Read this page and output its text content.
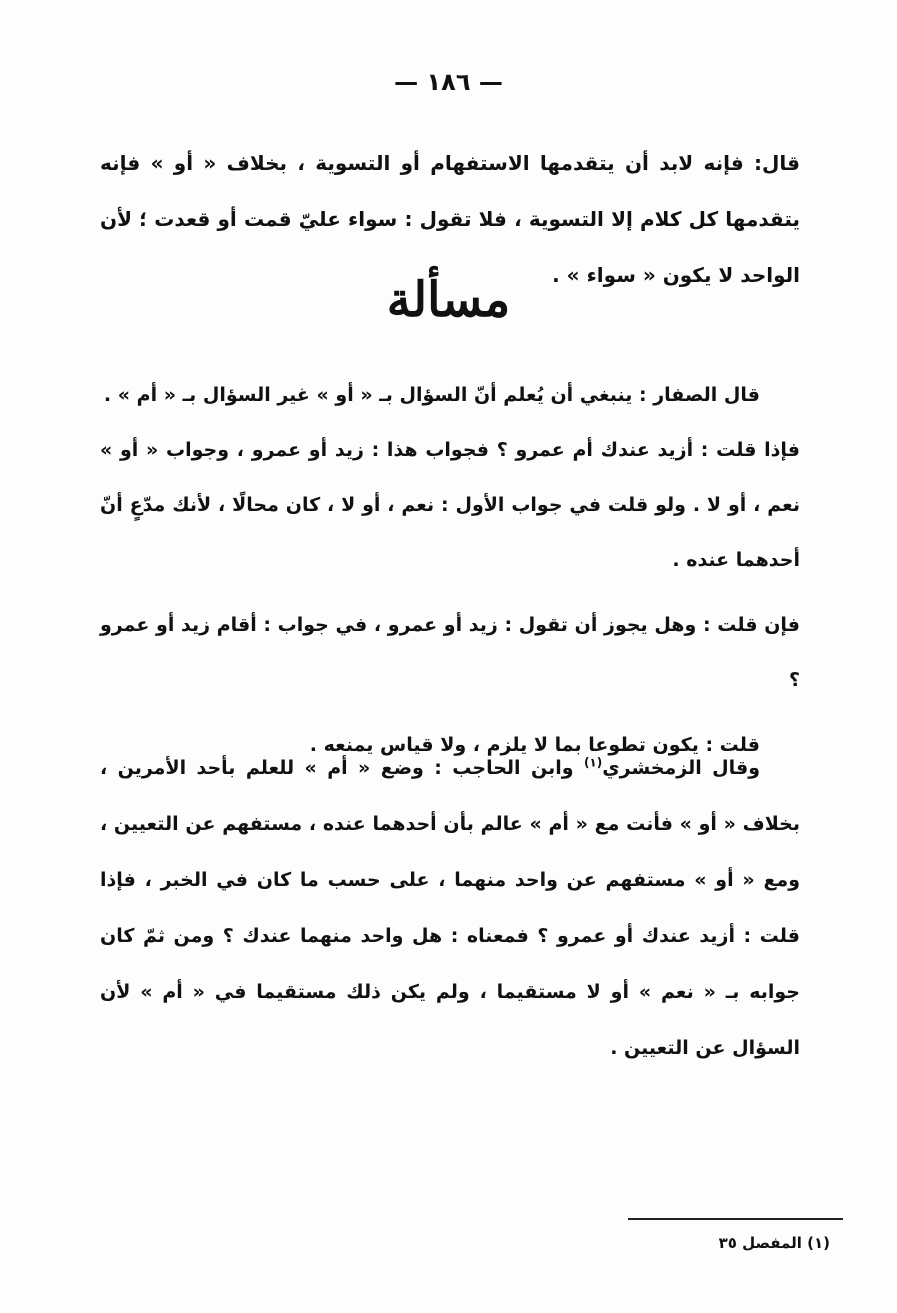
— ١٨٦ —
قال: فإنه لابد أن يتقدمها الاستفهام أو التسوية ، بخلاف « أو » فإنه يتقدمها كل كلام إلا التسوية ، فلا تقول : سواء عليّ قمت أو قعدت ؛ لأن الواحد لا يكون « سواء » .
مسألة

قال الصفار : ينبغي أن يُعلم أنّ السؤال بـ « أو » غير السؤال بـ « أم » .

فإذا قلت : أزيد عندك أم عمرو ؟ فجواب هذا : زيد أو عمرو ، وجواب « أو » نعم ، أو لا . ولو قلت في جواب الأول : نعم ، أو لا ، كان محالًا ، لأنك مدّعٍ أنّ أحدهما عنده .

فإن قلت : وهل يجوز أن تقول : زيد أو عمرو ، في جواب : أقام زيد أو عمرو ؟

قلت : يكون تطوعا بما لا يلزم ، ولا قياس يمنعه .

وقال الزمخشري$^{(١)}$ وابن الحاجب : وضع « أم » للعلم بأحد الأمرين ، بخلاف « أو » فأنت مع « أم » عالم بأن أحدهما عنده ، مستفهم عن التعيين ، ومع « أو » مستفهم عن واحد منهما ، على حسب ما كان في الخبر ، فإذا قلت : أزيد عندك أو عمرو ؟ فمعناه : هل واحد منهما عندك ؟ ومن ثمّ كان جوابه بـ « نعم » أو لا مستقيما ، ولم يكن ذلك مستقيما في « أم » لأن السؤال عن التعيين .

(١) المفصل ٣٥
